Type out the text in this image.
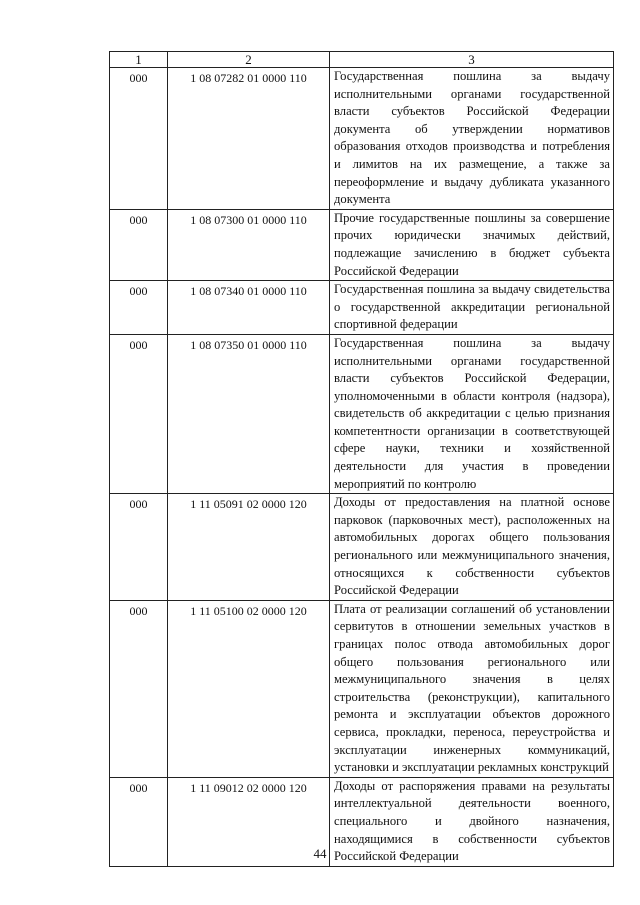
1	2	3
000	1 08 07282 01 0000 110	Государственная пошлина за выдачу исполнительными органами государственной власти субъектов Российской Федерации документа об утверждении нормативов образования отходов производства и потребления и лимитов на их размещение, а также за переоформление и выдачу дубликата указанного документа
000	1 08 07300 01 0000 110	Прочие государственные пошлины за совершение прочих юридически значимых действий, подлежащие зачислению в бюджет субъекта Российской Федерации
000	1 08 07340 01 0000 110	Государственная пошлина за выдачу свидетельства о государственной аккредитации региональной спортивной федерации
000	1 08 07350 01 0000 110	Государственная пошлина за выдачу исполнительными органами государственной власти субъектов Российской Федерации, уполномоченными в области контроля (надзора), свидетельств об аккредитации с целью признания компетентности организации в соответствующей сфере науки, техники и хозяйственной деятельности для участия в проведении мероприятий по контролю
000	1 11 05091 02 0000 120	Доходы от предоставления на платной основе парковок (парковочных мест), расположенных на автомобильных дорогах общего пользования регионального или межмуниципального значения, относящихся к собственности субъектов Российской Федерации
000	1 11 05100 02 0000 120	Плата от реализации соглашений об установлении сервитутов в отношении земельных участков в границах полос отвода автомобильных дорог общего пользования регионального или межмуниципального значения в целях строительства (реконструкции), капитального ремонта и эксплуатации объектов дорожного сервиса, прокладки, переноса, переустройства и эксплуатации инженерных коммуникаций, установки и эксплуатации рекламных конструкций
000	1 11 09012 02 0000 120	Доходы от распоряжения правами на результаты интеллектуальной деятельности военного, специального и двойного назначения, находящимися в собственности субъектов Российской Федерации
44
